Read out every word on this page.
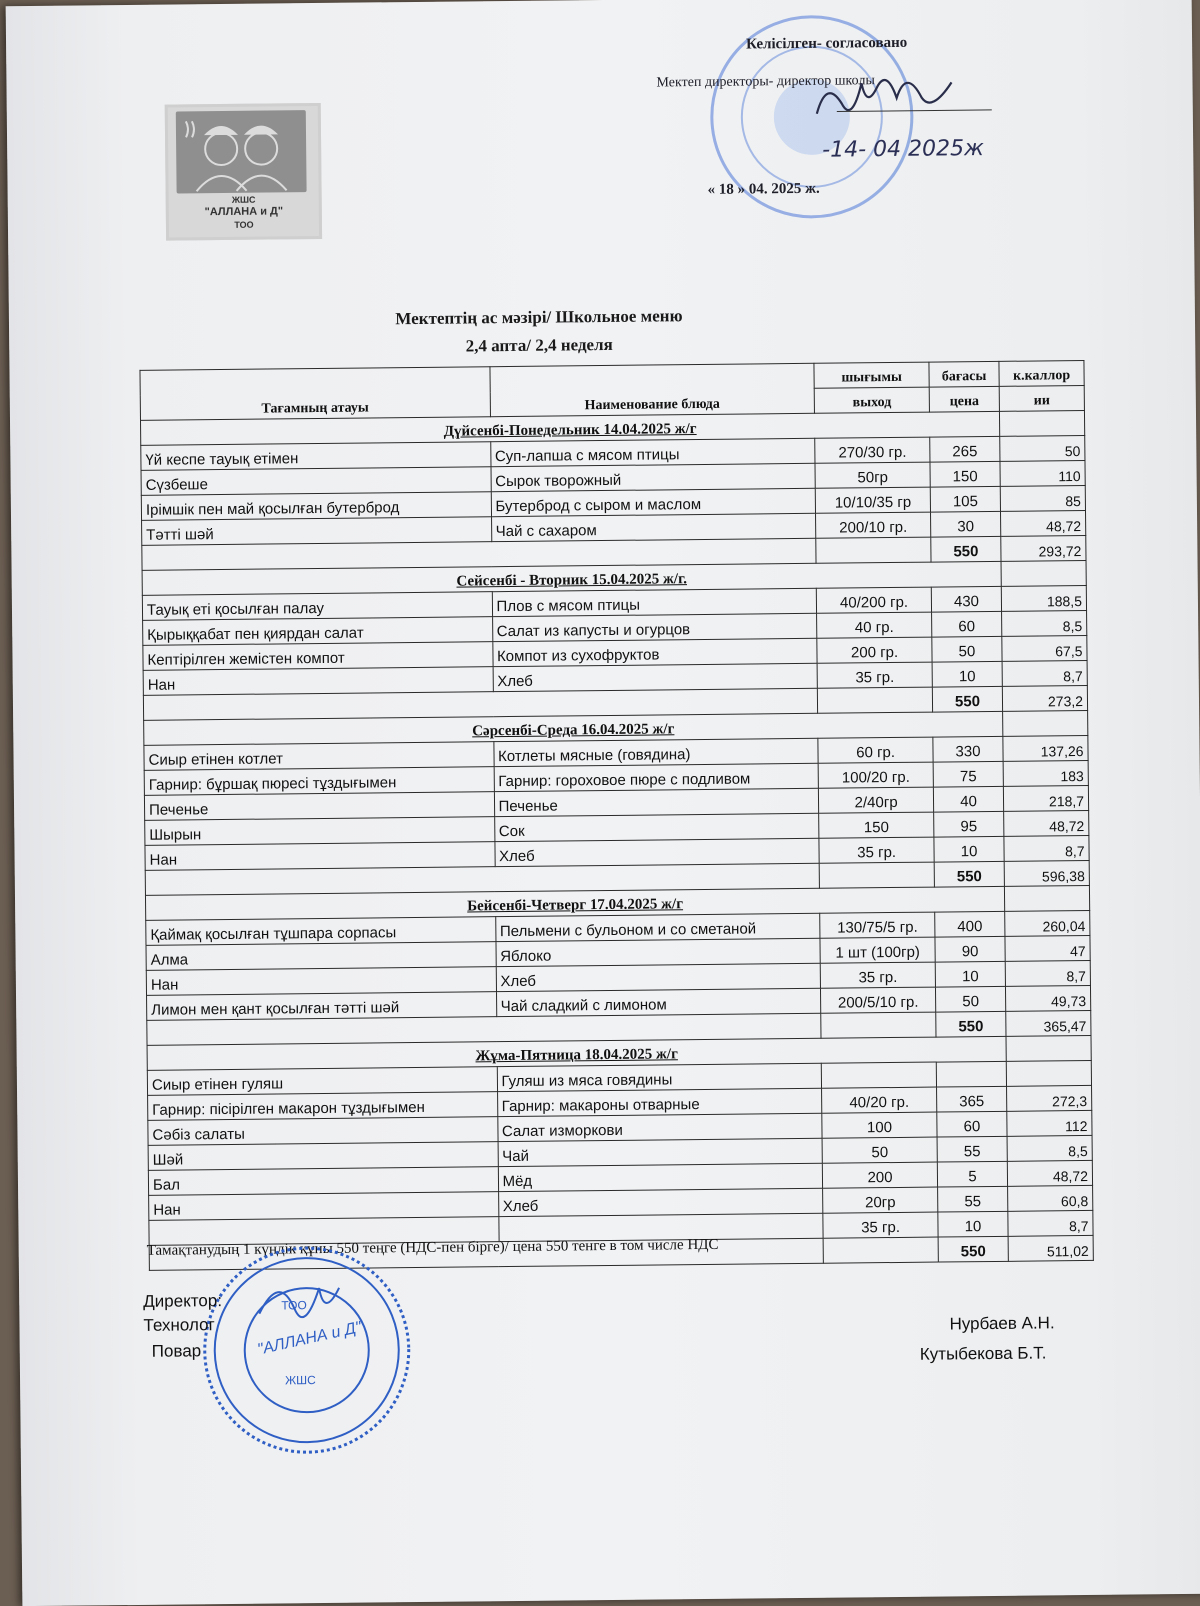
ЖШС
"АЛЛАНА и Д"
ТОО
Келісілген- согласовано
Мектеп директоры- директор школы
-14- 04 2025ж
« 18 » 04. 2025 ж.
Мектептің ас мәзірі/ Школьное меню
2,4 апта/ 2,4 неделя
Тағамның атауы	Наименование блюда	шығымы	бағасы	к.каллор
		выход	цена	ии
Дүйсенбі-Понедельник 14.04.2025 ж/г				
Үй кеспе тауық етімен	Суп-лапша с мясом птицы	270/30 гр.	265	50
Сүзбеше	Сырок творожный	50гр	150	110
Ірімшік пен май қосылған бутерброд	Бутерброд с сыром и маслом	10/10/35 гр	105	85
Тәтті шәй	Чай с сахаром	200/10 гр.	30	48,72
			550	293,72
Сейсенбі - Вторник 15.04.2025 ж/г.				
Тауық еті қосылған палау	Плов с мясом птицы	40/200 гр.	430	188,5
Қырыққабат пен қиярдан салат	Салат из капусты и огурцов	40 гр.	60	8,5
Кептірілген жемістен компот	Компот из сухофруктов	200 гр.	50	67,5
Нан	Хлеб	35 гр.	10	8,7
			550	273,2
Сәрсенбі-Среда 16.04.2025 ж/г				
Сиыр етінен котлет	Котлеты мясные (говядина)	60 гр.	330	137,26
Гарнир: бұршақ пюресі тұздығымен	Гарнир: гороховое пюре с подливом	100/20 гр.	75	183
Печенье	Печенье	2/40гр	40	218,7
Шырын	Сок	150	95	48,72
Нан	Хлеб	35 гр.	10	8,7
			550	596,38
Бейсенбі-Четверг 17.04.2025 ж/г				
Қаймақ қосылған тұшпара сорпасы	Пельмени с бульоном и со сметаной	130/75/5 гр.	400	260,04
Алма	Яблоко	1 шт (100гр)	90	47
Нан	Хлеб	35 гр.	10	8,7
Лимон мен қант қосылған тәтті шәй	Чай сладкий с лимоном	200/5/10 гр.	50	49,73
			550	365,47
Жұма-Пятница 18.04.2025 ж/г				
Сиыр етінен гуляш	Гуляш из мяса говядины			
Гарнир: пісірілген макарон тұздығымен	Гарнир: макароны отварные	40/20 гр.	365	272,3
Сәбіз салаты	Салат изморкови	100	60	112
Шәй	Чай	50	55	8,5
Бал	Мёд	200	5	48,72
Нан	Хлеб	20гр	55	60,8
		35 гр.	10	8,7
			550	511,02
Тамақтанудың 1 күндік құны 550 теңге (НДС-пен бірге)/ цена 550 тенге в том числе НДС
ТОО
"АЛЛАНА и Д"
ЖШС
Директор:
Технолог
Повар
Нурбаев А.Н.
Кутыбекова Б.Т.
